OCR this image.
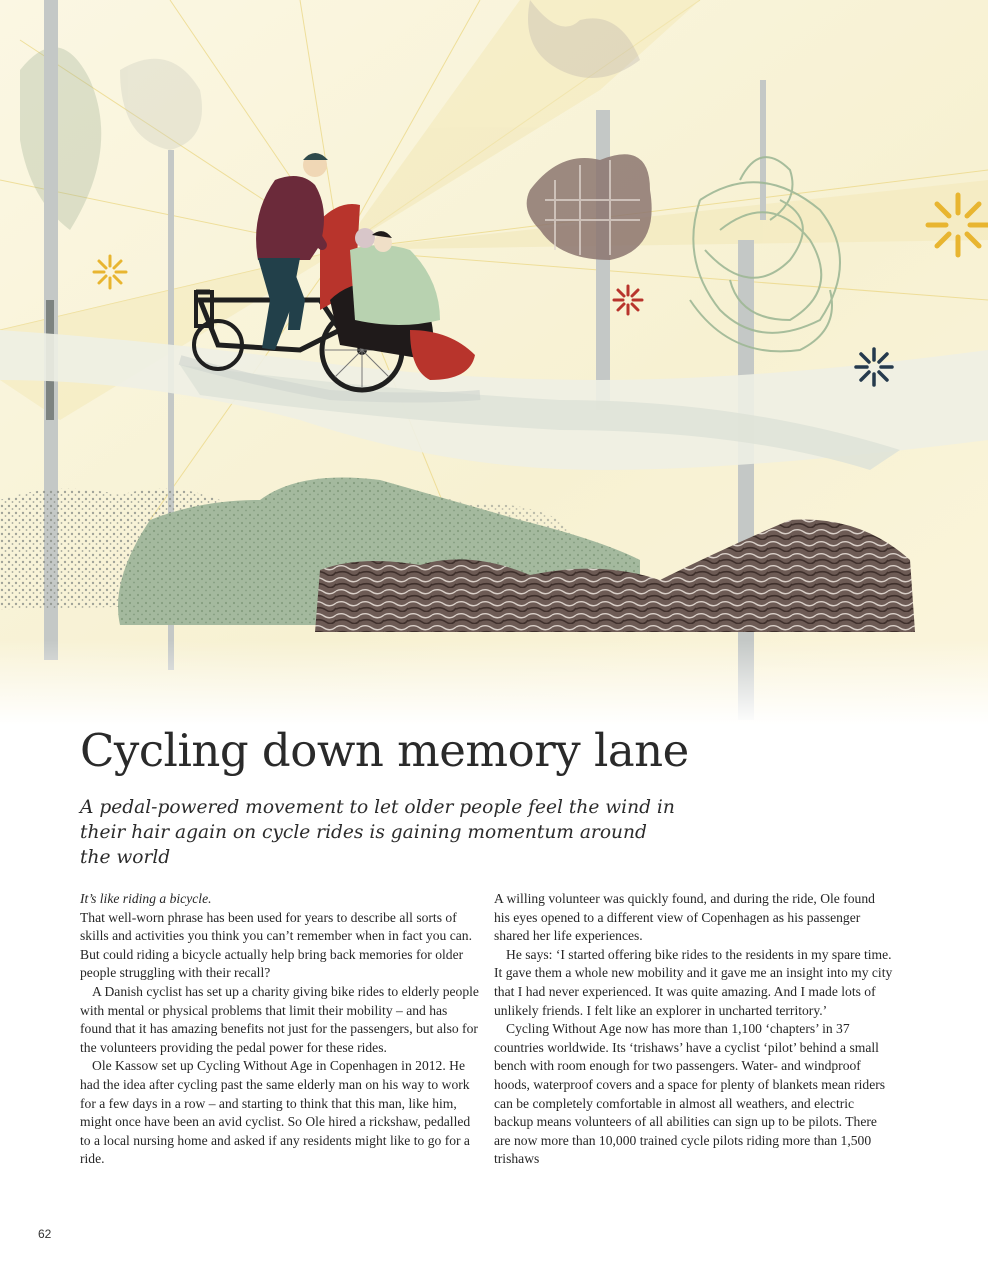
Cycling down memory lane

A pedal-powered movement to let older people feel the wind in their hair again on cycle rides is gaining momentum around the world

It’s like riding a bicycle.

That well-worn phrase has been used for years to describe all sorts of skills and activities you think you can’t remember when in fact you can. But could riding a bicycle actually help bring back memories for older people struggling with their recall?

A Danish cyclist has set up a charity giving bike rides to elderly people with mental or physical problems that limit their mobility – and has found that it has amazing benefits not just for the passengers, but also for the volunteers providing the pedal power for these rides.

Ole Kassow set up Cycling Without Age in Copenhagen in 2012. He had the idea after cycling past the same elderly man on his way to work for a few days in a row – and starting to think that this man, like him, might once have been an avid cyclist. So Ole hired a rickshaw, pedalled to a local nursing home and asked if any residents might like to go for a ride.

A willing volunteer was quickly found, and during the ride, Ole found his eyes opened to a different view of Copenhagen as his passenger shared her life experiences.

He says: ‘I started offering bike rides to the residents in my spare time. It gave them a whole new mobility and it gave me an insight into my city that I had never experienced. It was quite amazing. And I made lots of unlikely friends. I felt like an explorer in uncharted territory.’

Cycling Without Age now has more than 1,100 ‘chapters’ in 37 countries worldwide. Its ‘trishaws’ have a cyclist ‘pilot’ behind a small bench with room enough for two passengers. Water- and windproof hoods, waterproof covers and a space for plenty of blankets mean riders can be completely comfortable in almost all weathers, and electric backup means volunteers of all abilities can sign up to be pilots. There are now more than 10,000 trained cycle pilots riding more than 1,500 trishaws

62
